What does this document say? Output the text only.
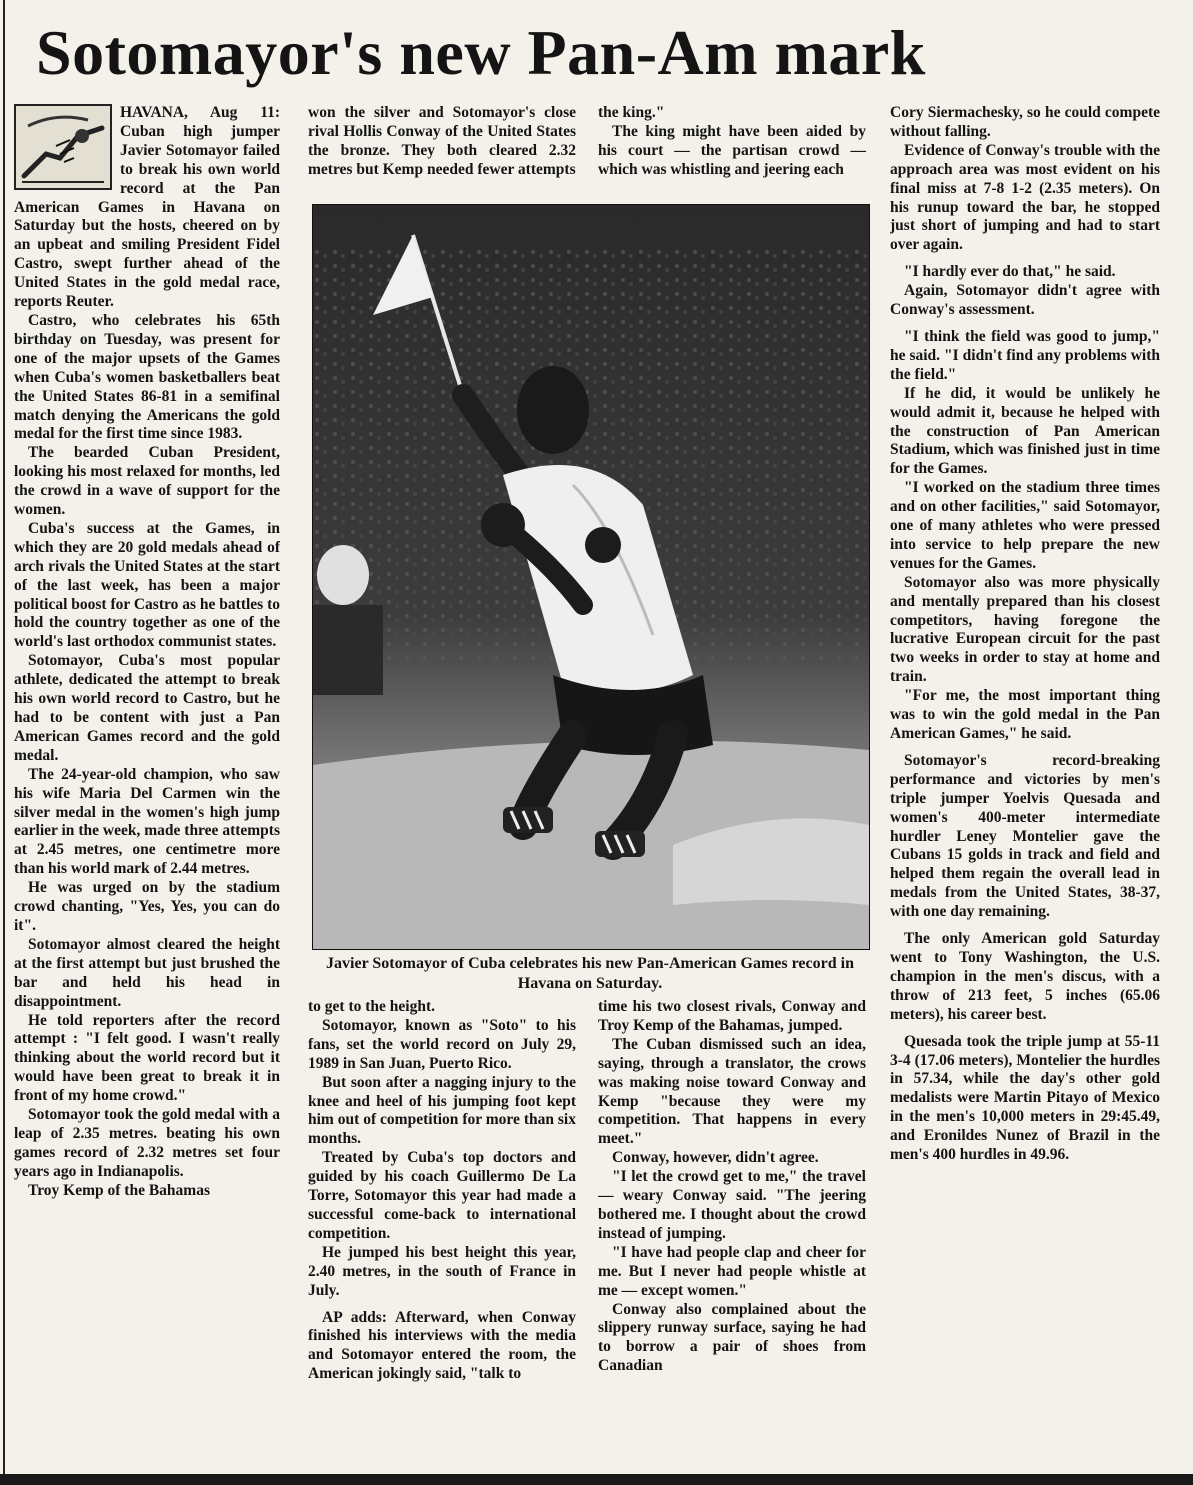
Sotomayor's new Pan-Am mark

HAVANA, Aug 11: Cuban high jumper Javier Sotomayor failed to break his own world record at the Pan American Games in Havana on Saturday but the hosts, cheered on by an upbeat and smiling President Fidel Castro, swept further ahead of the United States in the gold medal race, reports Reuter.

Castro, who celebrates his 65th birthday on Tuesday, was present for one of the major upsets of the Games when Cuba's women basketballers beat the United States 86-81 in a semifinal match denying the Americans the gold medal for the first time since 1983.

The bearded Cuban President, looking his most relaxed for months, led the crowd in a wave of support for the women.

Cuba's success at the Games, in which they are 20 gold medals ahead of arch rivals the United States at the start of the last week, has been a major political boost for Castro as he battles to hold the country together as one of the world's last orthodox communist states.

Sotomayor, Cuba's most popular athlete, dedicated the attempt to break his own world record to Castro, but he had to be content with just a Pan American Games record and the gold medal.

The 24-year-old champion, who saw his wife Maria Del Carmen win the silver medal in the women's high jump earlier in the week, made three attempts at 2.45 metres, one centimetre more than his world mark of 2.44 metres.

He was urged on by the stadium crowd chanting, "Yes, Yes, you can do it".

Sotomayor almost cleared the height at the first attempt but just brushed the bar and held his head in disappointment.

He told reporters after the record attempt : "I felt good. I wasn't really thinking about the world record but it would have been great to break it in front of my home crowd."

Sotomayor took the gold medal with a leap of 2.35 metres. beating his own games record of 2.32 metres set four years ago in Indianapolis.

Troy Kemp of the Bahamas

won the silver and Sotomayor's close rival Hollis Conway of the United States the bronze. They both cleared 2.32 metres but Kemp needed fewer attempts

the king."

The king might have been aided by his court — the partisan crowd — which was whistling and jeering each

Javier Sotomayor of Cuba celebrates his new Pan-American Games record in Havana on Saturday.

to get to the height.

Sotomayor, known as "Soto" to his fans, set the world record on July 29, 1989 in San Juan, Puerto Rico.

But soon after a nagging injury to the knee and heel of his jumping foot kept him out of competition for more than six months.

Treated by Cuba's top doctors and guided by his coach Guillermo De La Torre, Sotomayor this year had made a successful come-back to international competition.

He jumped his best height this year, 2.40 metres, in the south of France in July.

AP adds: Afterward, when Conway finished his interviews with the media and Sotomayor entered the room, the American jokingly said, "talk to

time his two closest rivals, Conway and Troy Kemp of the Bahamas, jumped.

The Cuban dismissed such an idea, saying, through a translator, the crows was making noise toward Conway and Kemp "because they were my competition. That happens in every meet."

Conway, however, didn't agree.

"I let the crowd get to me," the travel — weary Conway said. "The jeering bothered me. I thought about the crowd instead of jumping.

"I have had people clap and cheer for me. But I never had people whistle at me — except women."

Conway also complained about the slippery runway surface, saying he had to borrow a pair of shoes from Canadian

Cory Siermachesky, so he could compete without falling.

Evidence of Conway's trouble with the approach area was most evident on his final miss at 7-8 1-2 (2.35 meters). On his runup toward the bar, he stopped just short of jumping and had to start over again.

"I hardly ever do that," he said.

Again, Sotomayor didn't agree with Conway's assessment.

"I think the field was good to jump," he said. "I didn't find any problems with the field."

If he did, it would be unlikely he would admit it, because he helped with the construction of Pan American Stadium, which was finished just in time for the Games.

"I worked on the stadium three times and on other facilities," said Sotomayor, one of many athletes who were pressed into service to help prepare the new venues for the Games.

Sotomayor also was more physically and mentally prepared than his closest competitors, having foregone the lucrative European circuit for the past two weeks in order to stay at home and train.

"For me, the most important thing was to win the gold medal in the Pan American Games," he said.

Sotomayor's record-breaking performance and victories by men's triple jumper Yoelvis Quesada and women's 400-meter intermediate hurdler Leney Montelier gave the Cubans 15 golds in track and field and helped them regain the overall lead in medals from the United States, 38-37, with one day remaining.

The only American gold Saturday went to Tony Washington, the U.S. champion in the men's discus, with a throw of 213 feet, 5 inches (65.06 meters), his career best.

Quesada took the triple jump at 55-11 3-4 (17.06 meters), Montelier the hurdles in 57.34, while the day's other gold medalists were Martin Pitayo of Mexico in the men's 10,000 meters in 29:45.49, and Eronildes Nunez of Brazil in the men's 400 hurdles in 49.96.
